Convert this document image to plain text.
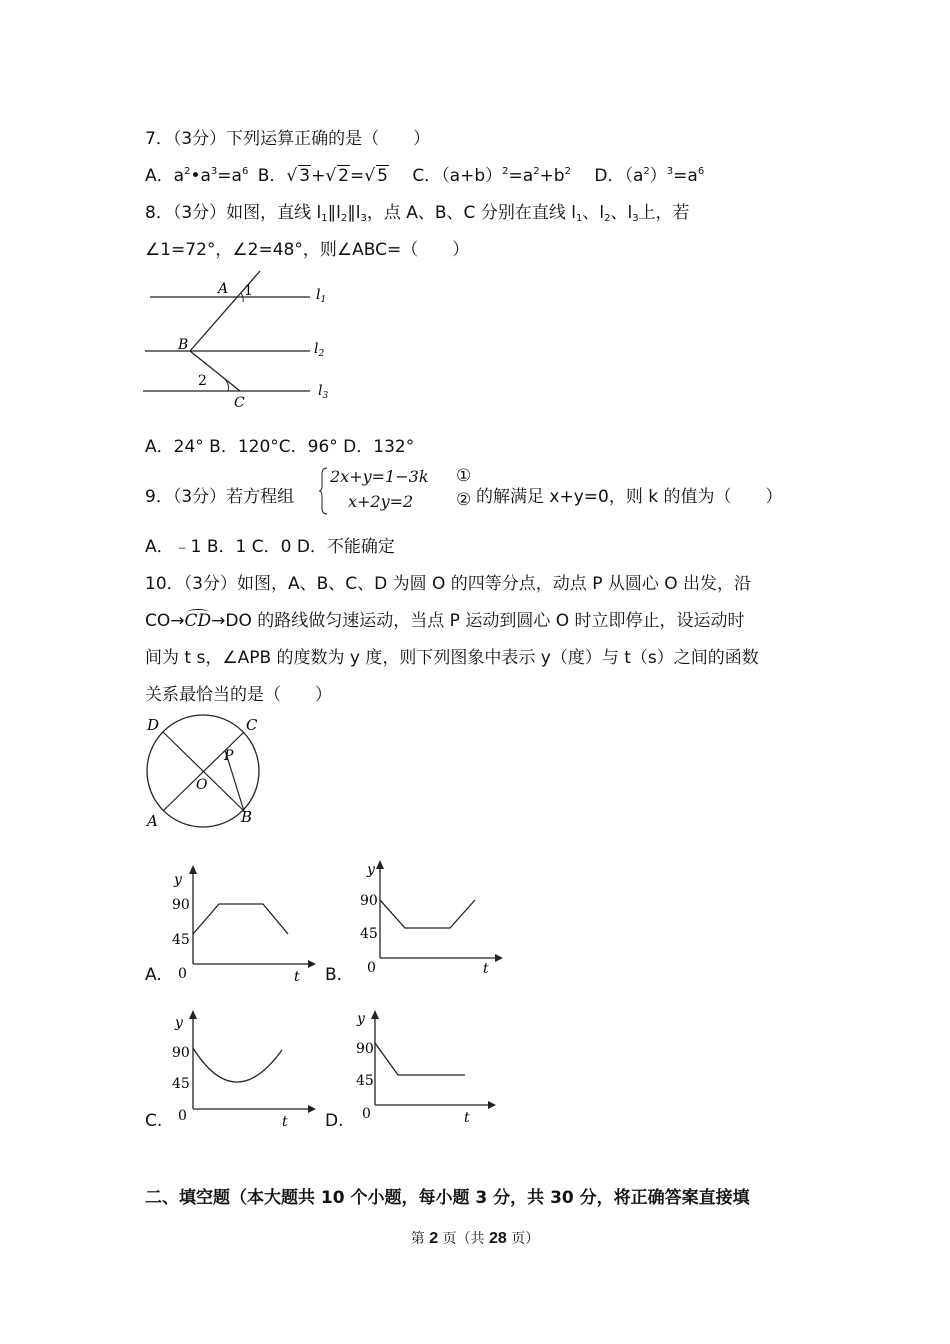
7．（3分）下列运算正确的是（　　）
A．$a^2•a^3=a^6$ B．√ 3+√ 2=√ 5 C．$(a+b)^2=a^2+b^2$ D．$(a^2)^3=a^6$
8．（3分）如图，直线 $l_1\parallel l_2\parallel l_3$，点 A、B、C 分别在直线 $l_1$、$l_2$、$l_3$上，若
∠1=72°，∠2=48°，则∠ABC=（　　）
A 1
B
2
C
$l_1$
$l_2$
$l_3$
A．24° B．120°C．96° D．132°
9．（3分）若方程组
2x+y=1−3k
x+2y=2
①
② 的解满足 x+y=0，则 k 的值为（　　）
A．﹣1 B．1 C．0 D．不能确定
10．（3分）如图，A、B、C、D 为圆 O 的四等分点，动点 P 从圆心 O 出发，沿
CO→CD→DO 的路线做匀速运动，当点 P 运动到圆心 O 时立即停止，设运动时
间为 t s，∠APB 的度数为 y 度，则下列图象中表示 y（度）与 t（s）之间的函数
关系最恰当的是（　　）
D	C
P
O
A	B
A.
y
90
45
0	t B.
y
90
45
0	t
C.
y
90
45
0	t D.
y
90
45
0	t
二、填空题（本大题共 10 个小题，每小题 3 分，共 30 分，将正确答案直接填
第 2 页（共 28 页）
